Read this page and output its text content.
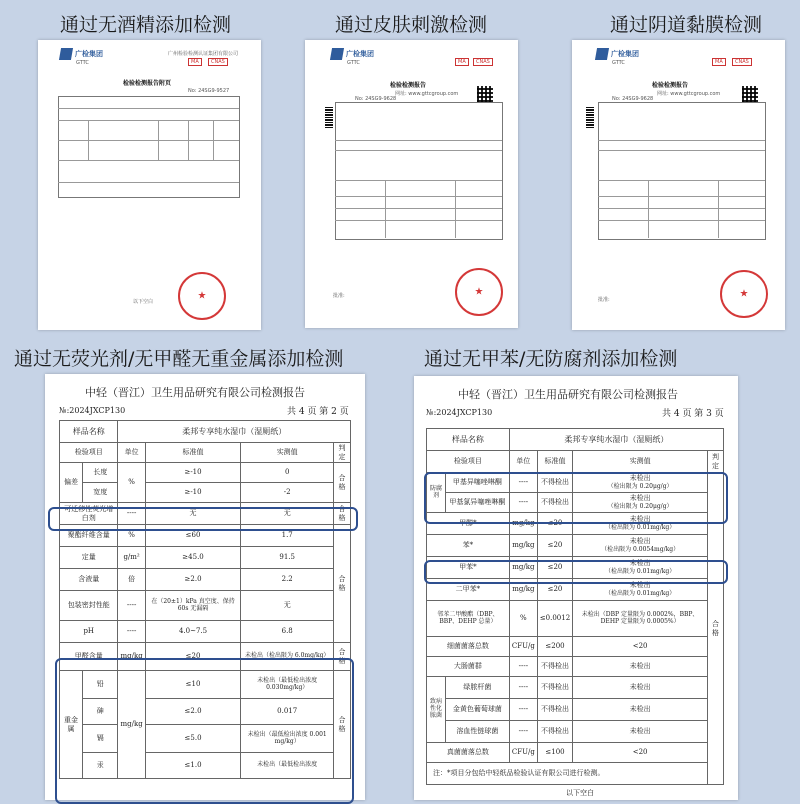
通过无酒精添加检测	通过皮肤刺激检测	通过阴道黏膜检测
通过无荧光剂/无甲醛无重金属添加检测	通过无甲苯/无防腐剂添加检测
广检集团
GTTC
广州检验检测认证集团有限公司
MA	CNAS
检验检测报告附页
No: 24SG9-9527
以下空白
★
广检集团
GTTC	MA	CNAS
检验检测报告
No: 24SG9-9628
网址: www.gttcgroup.com
批准:	★
广检集团
GTTC	MA	CNAS
检验检测报告
No: 24SG9-9628
网址: www.gttcgroup.com
批准:
★
中轻（晋江）卫生用品研究有限公司检测报告
№:2024JXCP130	共 4 页 第 2 页
样品名称		柔邦专享纯水湿巾（湿厕纸）			
检验项目		单位	标准值	实测值	判定
偏差	长度	%	≥-10	0	合格
	宽度		≥-10	-2	
可迁移性荧光增白剂		----	无	无	合格
聚酯纤维含量		%	≤60	1.7	合格
定量		g/m²	≥45.0	91.5	
含液量		倍	≥2.0	2.2	
包装密封性能		----	在（20±1）kPa 真空度、保持 60s 无漏隔	无	
pH		----	4.0~7.5	6.8	
甲醛含量		mg/kg	≤20	未检出（检出限为 6.0mg/kg）	合格
重金属	铅	mg/kg	≤10	未检出（最低检出浓度 0.030mg/kg）	合格
	砷		≤2.0	0.017	
	镉		≤5.0	未检出（最低检出浓度 0.001 mg/kg）	
	汞		≤1.0	未检出（最低检出浓度	
中轻（晋江）卫生用品研究有限公司检测报告
№:2024JXCP130	共 4 页 第 3 页
样品名称		柔邦专享纯水湿巾（湿厕纸）			
检验项目		单位	标准值	实测值	判定
防腐剂	甲基异噻唑啉酮	----	不得检出	未检出
（检出限为 0.20μg/g）	合格
	甲基氯异噻唑啉酮	----	不得检出	未检出
（检出限为 0.20μg/g）	
甲醇*		mg/kg	≤20	未检出
（检出限为 0.01mg/kg）	
苯*		mg/kg	≤20	未检出
（检出限为 0.0054mg/kg）	
甲苯*		mg/kg	≤20	未检出
（检出限为 0.01mg/kg）	
二甲苯*		mg/kg	≤20	未检出
（检出限为 0.01mg/kg）	
邻苯二甲酸酯（DBP、BBP、DEHP 总量）		%	≤0.0012	未检出（DBP 定量限为 0.0002%，BBP、DEHP 定量限为 0.0005%）	
细菌菌落总数		CFU/g	≤200	<20	
大肠菌群		----	不得检出	未检出	
致病性化脓菌	绿脓杆菌	----	不得检出	未检出	
	金黄色葡萄球菌	----	不得检出	未检出	
	溶血性链球菌	----	不得检出	未检出	
真菌菌落总数		CFU/g	≤100	<20	
注：*项目分包给中轻纸品检验认证有限公司进行检测。					
以下空白
